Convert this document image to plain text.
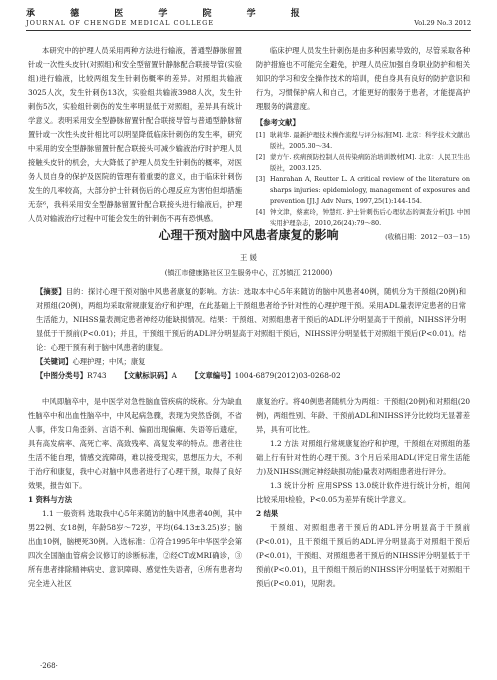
承 德 医 学 院 学 报
JOURNAL OF CHENGDE MEDICAL COLLEGE	Vol.29 No.3 2012

本研究中的护理人员采用两种方法进行输液，普通型静脉留置针或一次性头皮针(对照组)和安全型留置针静脉配合联接导管(实验组)进行输液，比较两组发生针刺伤概率的差异。对照组共输液3025人次，发生针刺伤13次，实验组共输液3988人次，发生针刺伤5次，实验组针刺伤的发生率明显低于对照组，差异具有统计学意义。表明采用安全型静脉留置针配合联接导管与普通型静脉留置针或一次性头皮针相比可以明显降低临床针刺伤的发生率，研究中采用的安全型静脉留置针配合联接头可减少输液治疗时护理人员接触头皮针的机会，大大降低了护理人员发生针刺伤的概率，对医务人员自身的保护及医院的管理有着重要的意义，由于临床针刺伤发生的几率较高，大部分护士针刺伤后的心理反应为害怕但却措施无奈⁶，我科采用安全型静脉留置针配合联接头进行输液后，护理人员对输液治疗过程中可能会发生的针刺伤不再有恐惧感。

临床护理人员发生针刺伤是由多种因素导致的，尽管采取各种防护措施也不可能完全避免，护理人员应加强自身职业防护和相关知识的学习和安全操作技术的培训，使自身具有良好的防护意识和行为，习惯保护病人和自己，才能更好的服务于患者，才能提高护理服务的满意度。

【参考文献】
[1] 耿莉华. 最新护理技术操作流程与评分标准[M]. 北京：科学技术文献出版社，2005.30～34.
[2] 蒙方午. 疾病预防控制人员传染病防治培训教材[M]. 北京：人民卫生出版社，2003.125.
[3] Hanrahan A, Reutter L. A critical review of the literature on sharps injuries: epidemiology, management of exposures and prevention [J].J Adv Nurs, 1997,25(1):144-154.
[4] 钟文津，蔡素玲，钟慧红. 护士针刺伤后心理状态的调查分析[J]. 中国实用护理杂志，2010,26(24):79～80.
(收稿日期：2012－03－15)
心理干预对脑中风患者康复的影响
王 媛
(镇江市健康路社区卫生服务中心，江苏镇江 212000)
【摘要】目的：探讨心理干预对脑中风患者康复的影响。方法：选取本中心5年来随访的脑中风患者40例，随机分为干预组(20例)和对照组(20例)，两组均采取常规康复治疗和护理，在此基础上干预组患者给予针对性的心理护理干预。采用ADL量表评定患者的日常生活能力，NIHSS量表测定患者神经功能缺损情况。结果：干预组、对照组患者干预后的ADL评分明显高于干预前，NIHSS评分明显低于干预前(P<0.01)；并且，干预组干预后的ADL评分明显高于对照组干预后，NIHSS评分明显低于对照组干预后(P<0.01)。结论：心理干预有利于脑中风患者的康复。
【关键词】心理护理；中风；康复
【中图分类号】R743 【文献标识码】A 【文章编号】1004-6879(2012)03-0268-02

中风即脑卒中，是中医学对急性脑血管疾病的统称。分为缺血性脑卒中和出血性脑卒中，中风起病急骤，表现为突然昏倒，不省人事，伴发口角歪斜、言语不利、偏面出现偏瘫、失语等后遗症，具有高发病率、高死亡率、高致残率、高复发率的特点。患者往往生活不能自理，情感交流障碍，难以接受现实，思想压力大，不利于治疗和康复，我中心对脑中风患者进行了心理干预，取得了良好效果，报告如下。

1 资料与方法

1.1 一般资料 选取我中心5年来随访的脑中风患者40例，其中男22例、女18例，年龄58岁～72岁，平均(64.13±3.25)岁；脑出血10例，脑梗死30例。入选标准：①符合1995年中华医学会第四次全国脑血管病会议修订的诊断标准，②经CT或MRI确诊，③所有患者排除精神病史、意识障碍、感觉性失语者，④所有患者均完全进入社区

康复治疗。将40例患者随机分为两组：干预组(20例)和对照组(20例)，两组性别、年龄、干预前ADL和NIHSS评分比较均无显著差异，具有可比性。

1.2 方法 对照组行常规康复治疗和护理，干预组在对照组的基础上行有针对性的心理干预。3个月后采用ADL(评定日常生活能力)及NIHSS(测定神经缺损功能)量表对两组患者进行评分。

1.3 统计分析 应用SPSS 13.0统计软件进行统计分析，组间比较采用t检验，P<0.05为差异有统计学意义。

2 结果

干预组、对照组患者干预后的ADL评分明显高于干预前(P<0.01)，且干预组干预后的ADL评分明显高于对照组干预后(P<0.01)，干预组、对照组患者干预后的NIHSS评分明显低于干预前(P<0.01)，且干预组干预后的NIHSS评分明显低于对照组干预后(P<0.01)，见附表。

·268·
